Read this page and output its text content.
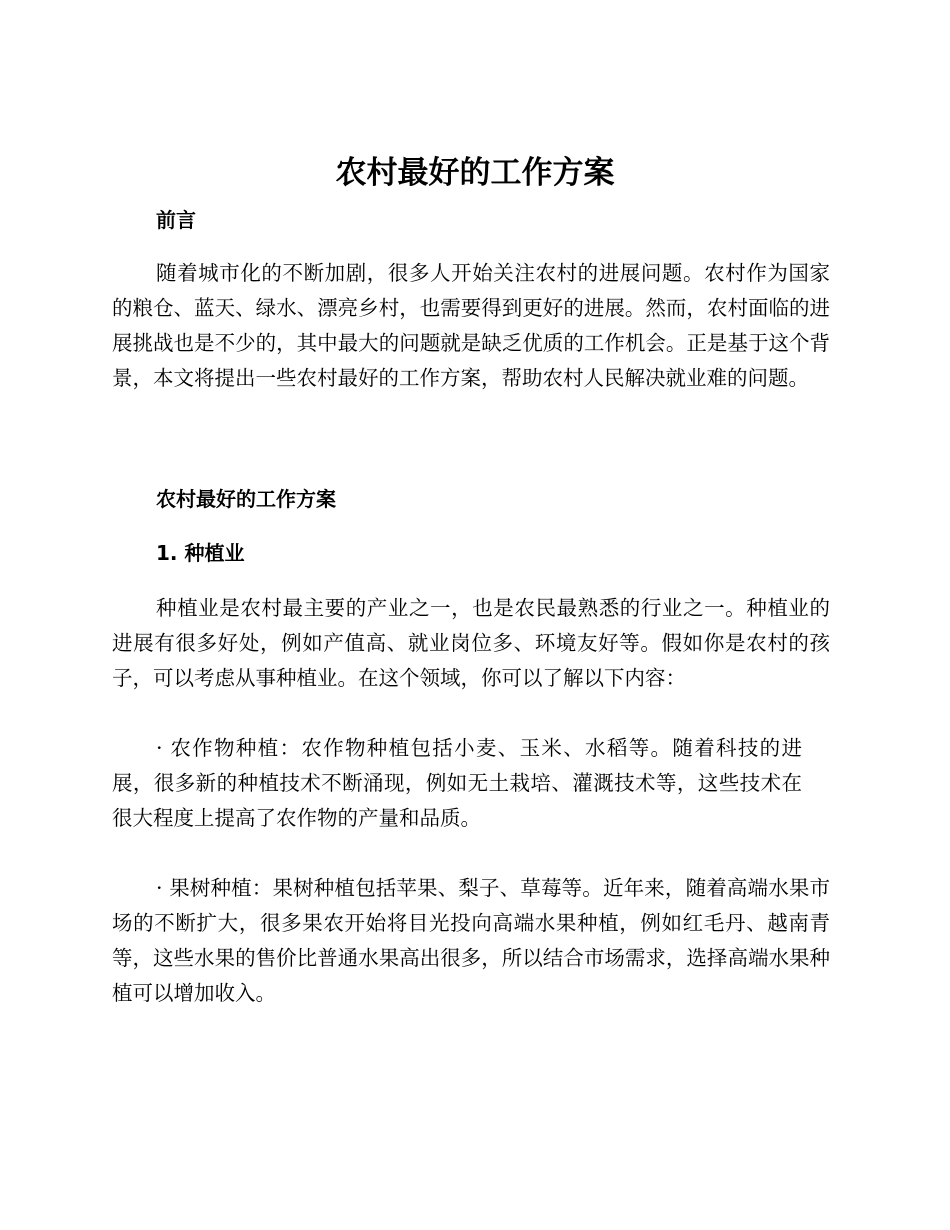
农村最好的工作方案
前言

随着城市化的不断加剧，很多人开始关注农村的进展问题。农村作为国家的粮仓、蓝天、绿水、漂亮乡村，也需要得到更好的进展。然而，农村面临的进展挑战也是不少的，其中最大的问题就是缺乏优质的工作机会。正是基于这个背景，本文将提出一些农村最好的工作方案，帮助农村人民解决就业难的问题。

农村最好的工作方案
1. 种植业

种植业是农村最主要的产业之一，也是农民最熟悉的行业之一。种植业的进展有很多好处，例如产值高、就业岗位多、环境友好等。假如你是农村的孩子，可以考虑从事种植业。在这个领域，你可以了解以下内容：

· 农作物种植：农作物种植包括小麦、玉米、水稻等。随着科技的进展，很多新的种植技术不断涌现，例如无土栽培、灌溉技术等，这些技术在很大程度上提高了农作物的产量和品质。

· 果树种植：果树种植包括苹果、梨子、草莓等。近年来，随着高端水果市场的不断扩大，很多果农开始将目光投向高端水果种植，例如红毛丹、越南青等，这些水果的售价比普通水果高出很多，所以结合市场需求，选择高端水果种植可以增加收入。
